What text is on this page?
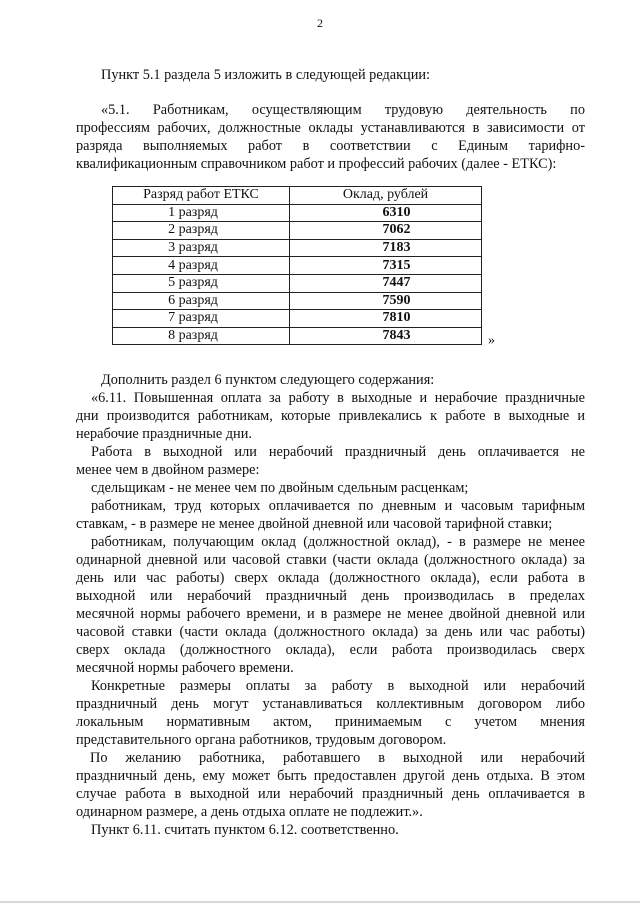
2
Пункт 5.1 раздела 5 изложить в следующей редакции:
«5.1. Работникам, осуществляющим трудовую деятельность по
профессиям рабочих, должностные оклады устанавливаются в зависимости от
разряда выполняемых работ в соответствии с Единым тарифно-
квалификационным справочником работ и профессий рабочих (далее - ЕТКС):
Разряд работ ЕТКС	Оклад, рублей
1 разряд	6310
2 разряд	7062
3 разряд	7183
4 разряд	7315
5 разряд	7447
6 разряд	7590
7 разряд	7810
8 разряд	7843	»
Дополнить раздел 6 пунктом следующего содержания:
«6.11. Повышенная оплата за работу в выходные и нерабочие праздничные
дни производится работникам, которые привлекались к работе в выходные и
нерабочие праздничные дни.
Работа в выходной или нерабочий праздничный день оплачивается не
менее чем в двойном размере:
сдельщикам - не менее чем по двойным сдельным расценкам;
работникам, труд которых оплачивается по дневным и часовым тарифным
ставкам, - в размере не менее двойной дневной или часовой тарифной ставки;
работникам, получающим оклад (должностной оклад), - в размере не менее
одинарной дневной или часовой ставки (части оклада (должностного оклада) за
день или час работы) сверх оклада (должностного оклада), если работа в
выходной или нерабочий праздничный день производилась в пределах
месячной нормы рабочего времени, и в размере не менее двойной дневной или
часовой ставки (части оклада (должностного оклада) за день или час работы)
сверх оклада (должностного оклада), если работа производилась сверх
месячной нормы рабочего времени.
Конкретные размеры оплаты за работу в выходной или нерабочий
праздничный день могут устанавливаться коллективным договором либо
локальным нормативным актом, принимаемым с учетом мнения
представительного органа работников, трудовым договором.
По желанию работника, работавшего в выходной или нерабочий
праздничный день, ему может быть предоставлен другой день отдыха. В этом
случае работа в выходной или нерабочий праздничный день оплачивается в
одинарном размере, а день отдыха оплате не подлежит.».
Пункт 6.11. считать пунктом 6.12. соответственно.
